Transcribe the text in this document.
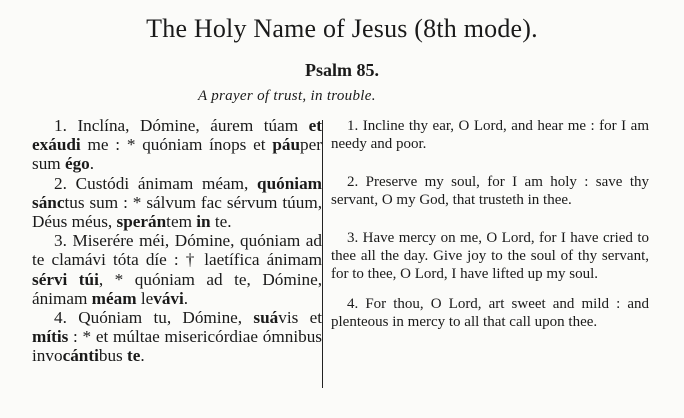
The Holy Name of Jesus (8th mode).
Psalm 85.
A prayer of trust, in trouble.

1. Inclína, Dómine, áurem túam et exáudi me : * quóniam ínops et páuper sum égo.

2. Custódi ánimam méam, quóniam sánctus sum : * sálvum fac sérvum túum, Déus méus, sperántem in te.

3. Miserére méi, Dómine, quóniam ad te clamávi tóta díe : † laetífica ánimam sérvi túi, * quóniam ad te, Dómine, ánimam méam levávi.

4. Quóniam tu, Dómine, suávis et mítis : * et múltae misericórdiae ómnibus invocántibus te.

1. Incline thy ear, O Lord, and hear me : for I am needy and poor.

2. Preserve my soul, for I am holy : save thy servant, O my God, that trusteth in thee.

3. Have mercy on me, O Lord, for I have cried to thee all the day. Give joy to the soul of thy servant, for to thee, O Lord, I have lifted up my soul.

4. For thou, O Lord, art sweet and mild : and plenteous in mercy to all that call upon thee.
